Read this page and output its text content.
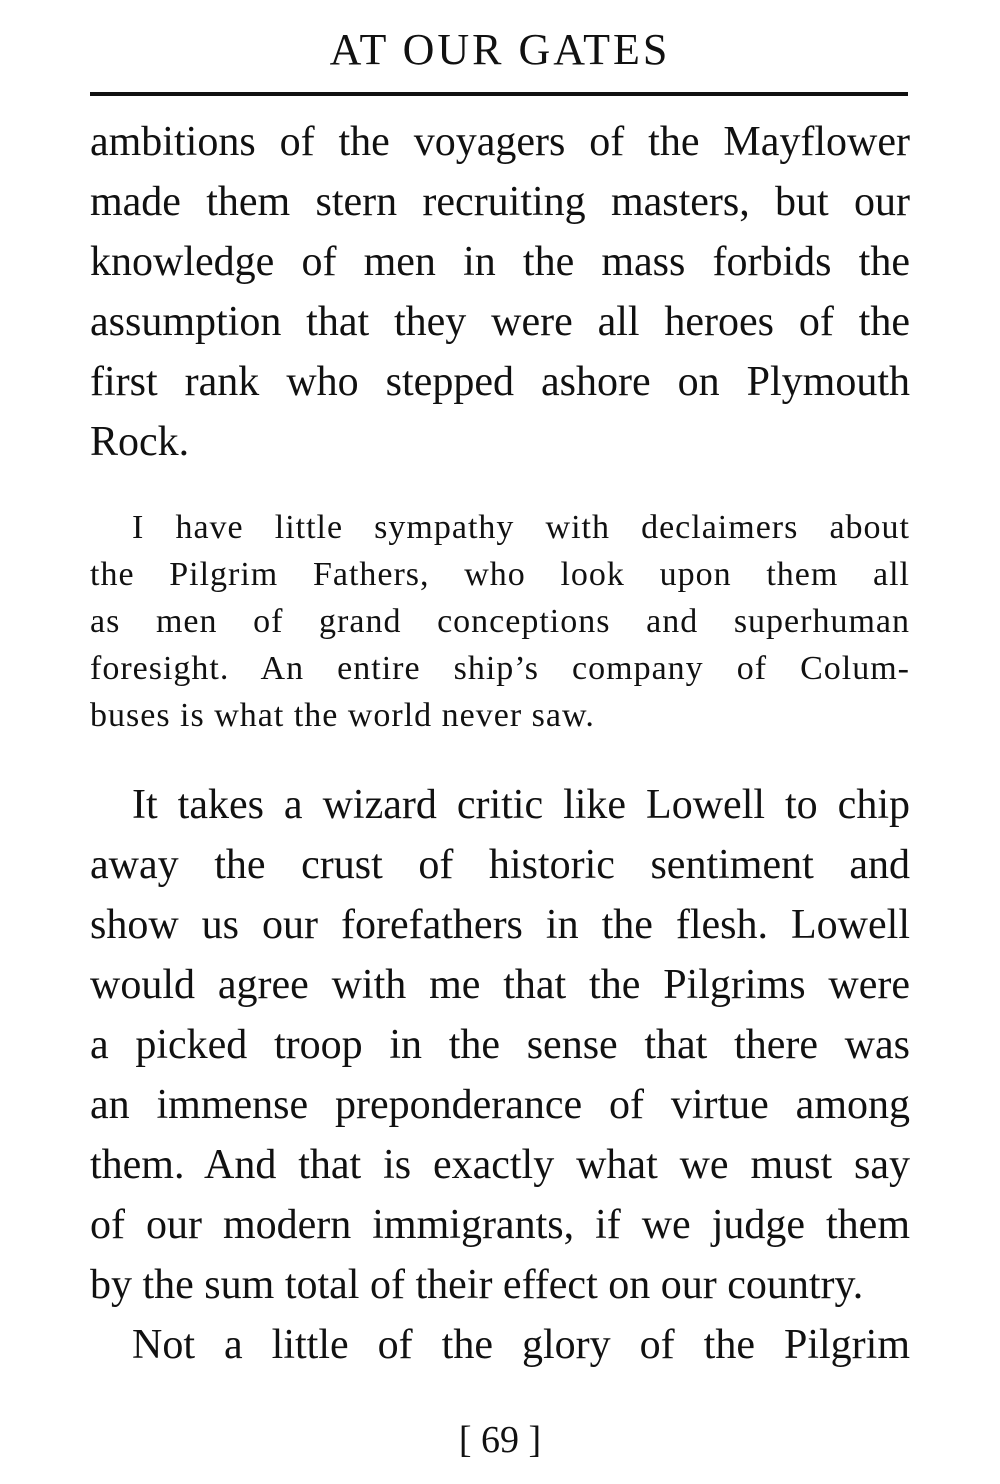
AT OUR GATES
ambitions of the voyagers of the Mayflower
made them stern recruiting masters, but our
knowledge of men in the mass forbids the
assumption that they were all heroes of the
first rank who stepped ashore on Plymouth
Rock.
I have little sympathy with declaimers about
the Pilgrim Fathers, who look upon them all
as men of grand conceptions and superhuman
foresight. An entire ship’s company of Colum-
buses is what the world never saw.
It takes a wizard critic like Lowell to chip
away the crust of historic sentiment and
show us our forefathers in the flesh. Lowell
would agree with me that the Pilgrims were
a picked troop in the sense that there was
an immense preponderance of virtue among
them. And that is exactly what we must say
of our modern immigrants, if we judge them
by the sum total of their effect on our country.
Not a little of the glory of the Pilgrim
[ 69 ]
